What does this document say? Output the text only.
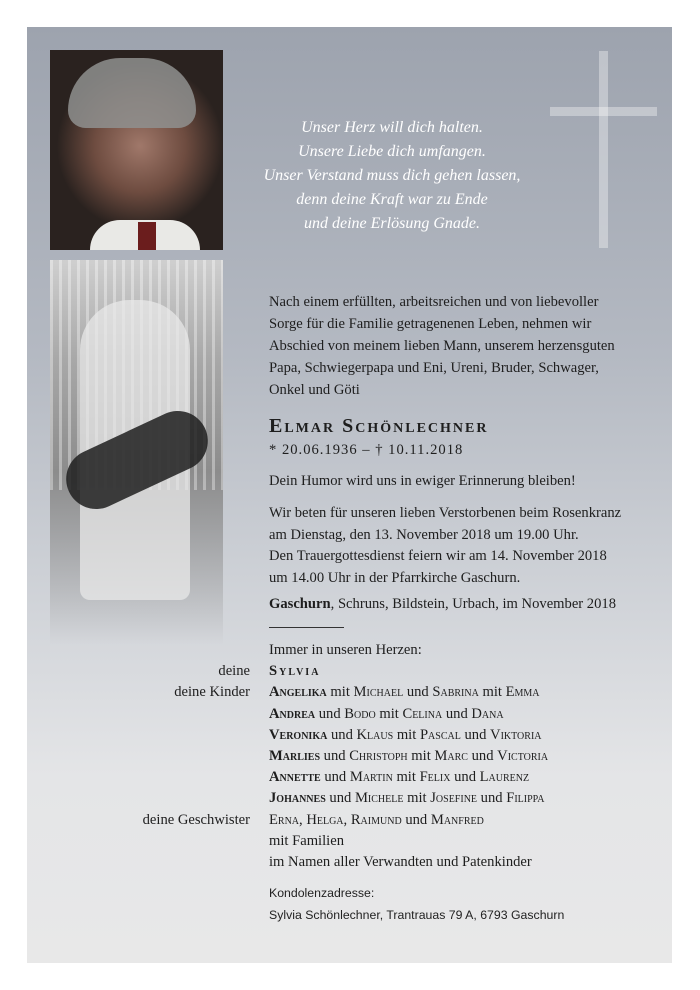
Unser Herz will dich halten.
Unsere Liebe dich umfangen.
Unser Verstand muss dich gehen lassen,
denn deine Kraft war zu Ende
und deine Erlösung Gnade.
Nach einem erfüllten, arbeitsreichen und von liebevoller
Sorge für die Familie getragenenen Leben, nehmen wir
Abschied von meinem lieben Mann, unserem herzensguten
Papa, Schwiegerpapa und Eni, Ureni, Bruder, Schwager,
Onkel und Göti
Elmar Schönlechner
* 20.06.1936 – † 10.11.2018
Dein Humor wird uns in ewiger Erinnerung bleiben!
Wir beten für unseren lieben Verstorbenen beim Rosenkranz
am Dienstag, den 13. November 2018 um 19.00 Uhr.
Den Trauergottesdienst feiern wir am 14. November 2018
um 14.00 Uhr in der Pfarrkirche Gaschurn.
Gaschurn, Schruns, Bildstein, Urbach, im November 2018
Immer in unseren Herzen:
deine Sylvia
deine Kinder Angelika mit Michael und Sabrina mit Emma
Andrea und Bodo mit Celina und Dana
Veronika und Klaus mit Pascal und Viktoria
Marlies und Christoph mit Marc und Victoria
Annette und Martin mit Felix und Laurenz
Johannes und Michele mit Josefine und Filippa
deine Geschwister Erna, Helga, Raimund und Manfred
mit Familien
im Namen aller Verwandten und Patenkinder
Kondolenzadresse:
Sylvia Schönlechner, Trantrauas 79 A, 6793 Gaschurn
